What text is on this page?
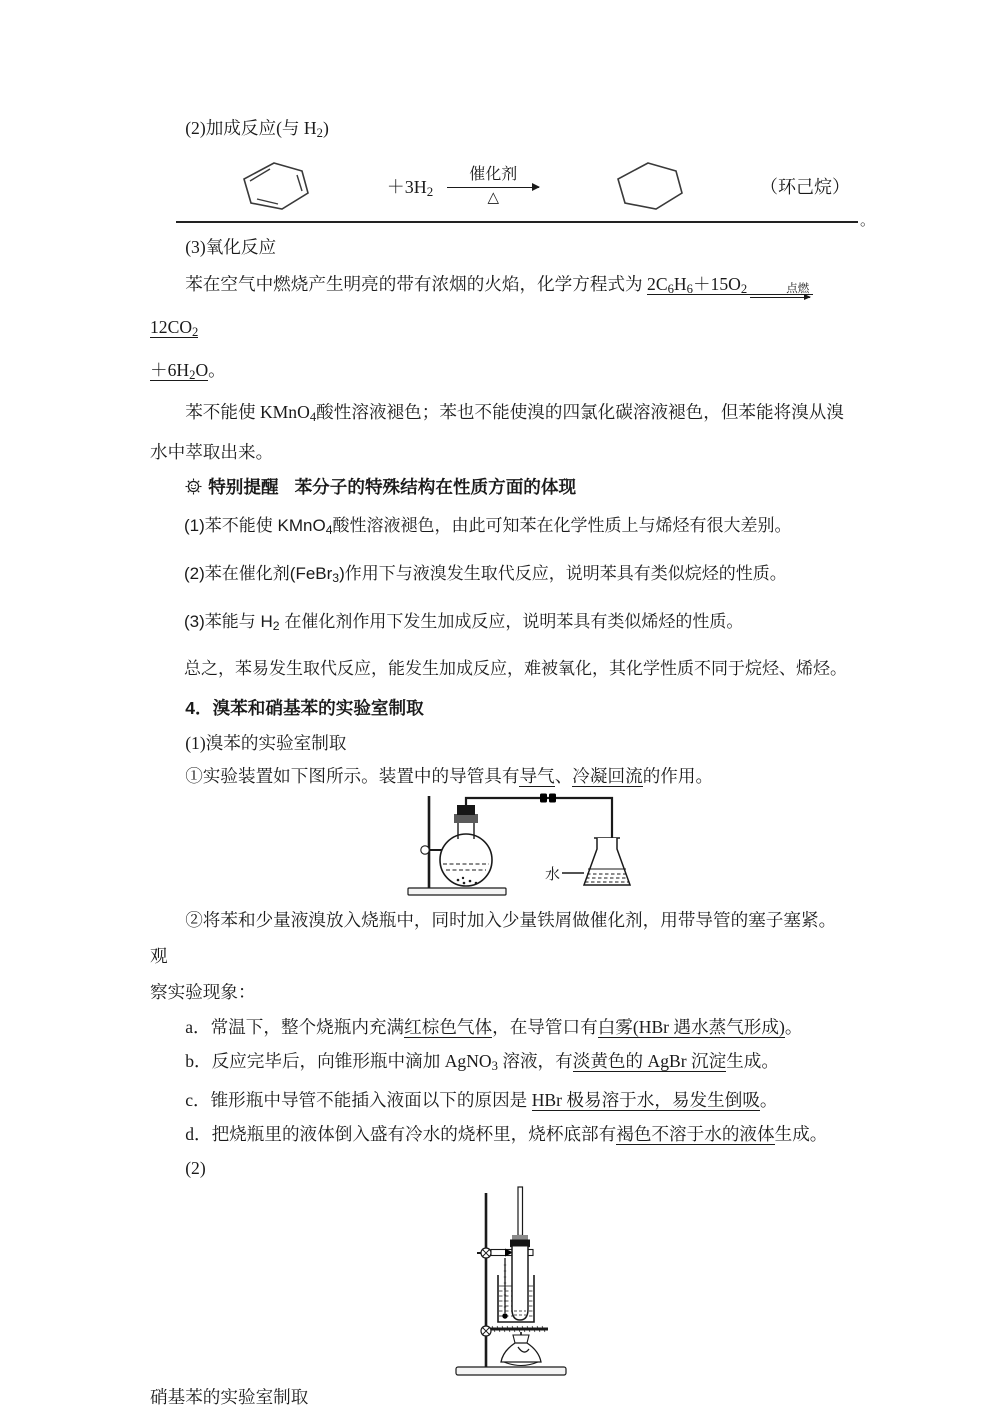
(2)加成反应(与 H2)
＋3H2
催化剂
△
（环己烷）
。
(3)氧化反应
苯在空气中燃烧产生明亮的带有浓烟的火焰，化学方程式为 2C6H6＋15O2	点燃
12CO2
＋6H2O。
苯不能使 KMnO4酸性溶液褪色；苯也不能使溴的四氯化碳溶液褪色，但苯能将溴从溴
水中萃取出来。
特别提醒 苯分子的特殊结构在性质方面的体现
(1)苯不能使 KMnO4酸性溶液褪色，由此可知苯在化学性质上与烯烃有很大差别。
(2)苯在催化剂(FeBr3)作用下与液溴发生取代反应，说明苯具有类似烷烃的性质。
(3)苯能与 H2 在催化剂作用下发生加成反应，说明苯具有类似烯烃的性质。
总之，苯易发生取代反应，能发生加成反应，难被氧化，其化学性质不同于烷烃、烯烃。
4．溴苯和硝基苯的实验室制取
(1)溴苯的实验室制取
①实验装置如下图所示。装置中的导管具有导气、冷凝回流的作用。
水
②将苯和少量液溴放入烧瓶中，同时加入少量铁屑做催化剂，用带导管的塞子塞紧。观
察实验现象：
a．常温下，整个烧瓶内充满红棕色气体，在导管口有白雾(HBr 遇水蒸气形成)。
b．反应完毕后，向锥形瓶中滴加 AgNO3 溶液，有淡黄色的 AgBr 沉淀生成。
c．锥形瓶中导管不能插入液面以下的原因是 HBr 极易溶于水，易发生倒吸。
d．把烧瓶里的液体倒入盛有冷水的烧杯里，烧杯底部有褐色不溶于水的液体生成。
(2)
硝基苯的实验室制取
